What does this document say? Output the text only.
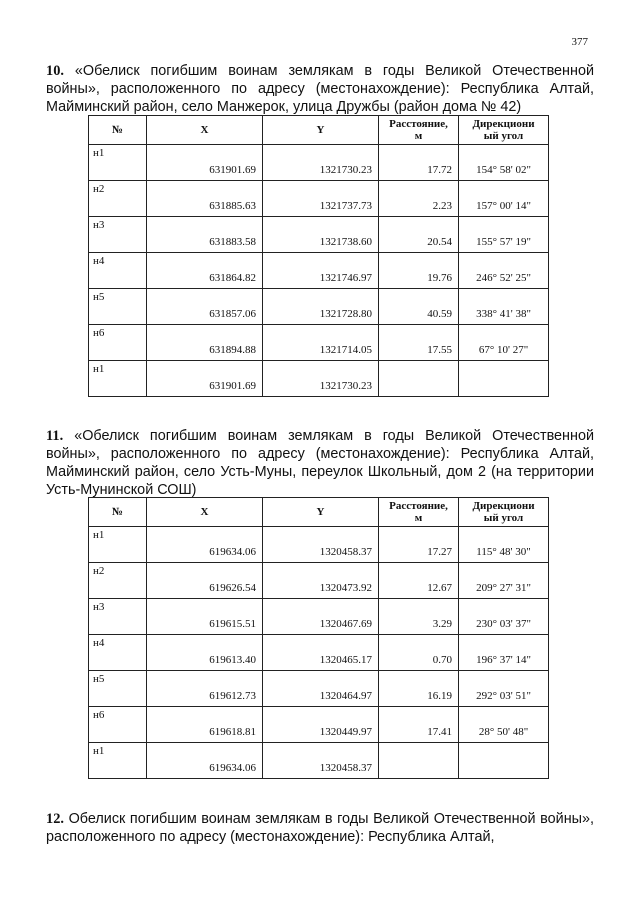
377
10. «Обелиск погибшим воинам землякам в годы Великой Отечественной войны», расположенного по адресу (местонахождение): Республика Алтай, Майминский район, село Манжерок, улица Дружбы (район дома № 42)
№	X	Y	Расстояние,
м	Дирекциони
ый угол

н1	631901.69	1321730.23	17.72	154° 58' 02"

н2	631885.63	1321737.73	2.23	157° 00' 14"

н3	631883.58	1321738.60	20.54	155° 57' 19"

н4	631864.82	1321746.97	19.76	246° 52' 25"

н5	631857.06	1321728.80	40.59	338° 41' 38"

н6	631894.88	1321714.05	17.55	67° 10' 27"

н1	631901.69	1321730.23		

11. «Обелиск погибшим воинам землякам в годы Великой Отечественной войны», расположенного по адресу (местонахождение): Республика Алтай, Майминский район, село Усть-Муны, переулок Школьный, дом 2 (на территории Усть-Мунинской СОШ)
№	X	Y	Расстояние,
м	Дирекциони
ый угол

н1	619634.06	1320458.37	17.27	115° 48' 30"

н2	619626.54	1320473.92	12.67	209° 27' 31"

н3	619615.51	1320467.69	3.29	230° 03' 37"

н4	619613.40	1320465.17	0.70	196° 37' 14"

н5	619612.73	1320464.97	16.19	292° 03' 51"

н6	619618.81	1320449.97	17.41	28° 50' 48"

н1	619634.06	1320458.37		

12. Обелиск погибшим воинам землякам в годы Великой Отечественной войны», расположенного по адресу (местонахождение): Республика Алтай,
